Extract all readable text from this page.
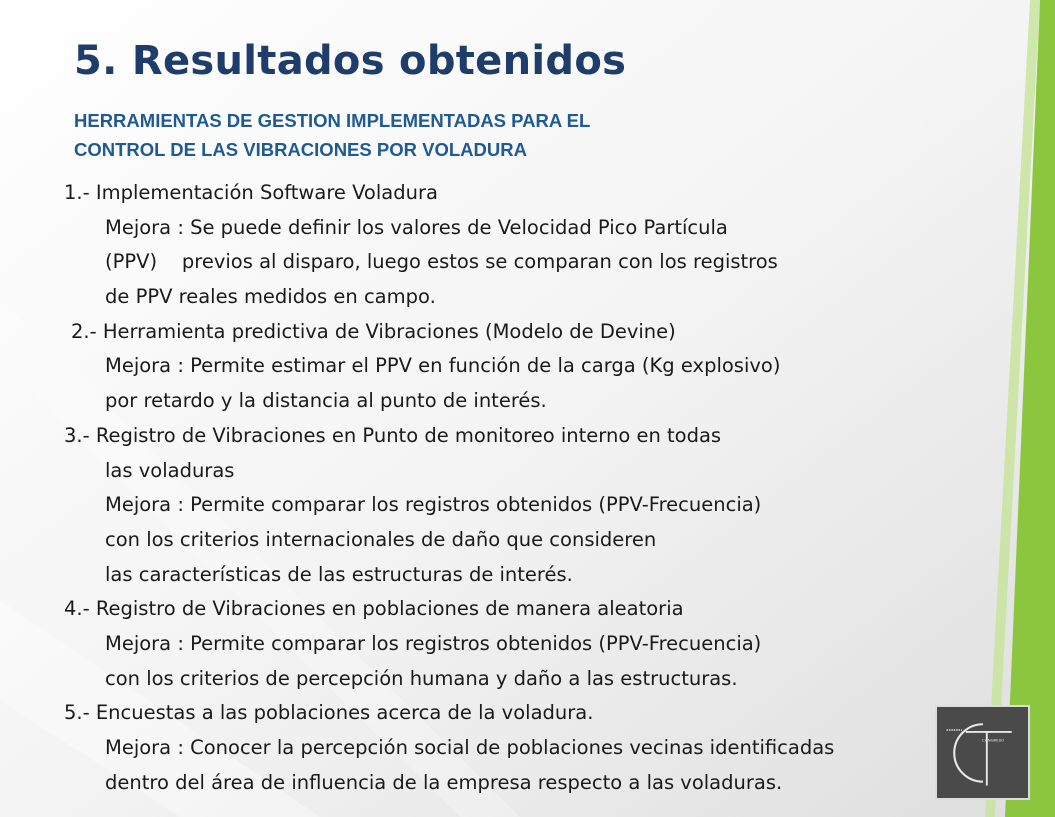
5. Resultados obtenidos
HERRAMIENTAS DE GESTION IMPLEMENTADAS PARA EL
CONTROL DE LAS VIBRACIONES POR VOLADURA
1.- Implementación Software Voladura
Mejora : Se puede definir los valores de Velocidad Pico Partícula
(PPV)    previos al disparo, luego estos se comparan con los registros
de PPV reales medidos en campo.
2.- Herramienta predictiva de Vibraciones (Modelo de Devine)
Mejora : Permite estimar el PPV en función de la carga (Kg explosivo)
por retardo y la distancia al punto de interés.
3.- Registro de Vibraciones en Punto de monitoreo interno en todas
las voladuras
Mejora : Permite comparar los registros obtenidos (PPV-Frecuencia)
con los criterios internacionales de daño que consideren
las características de las estructuras de interés.
4.- Registro de Vibraciones en poblaciones de manera aleatoria
Mejora : Permite comparar los registros obtenidos (PPV-Frecuencia)
con los criterios de percepción humana y daño a las estructuras.
5.- Encuestas a las poblaciones acerca de la voladura.
Mejora : Conocer la percepción social de poblaciones vecinas identificadas
dentro del área de influencia de la empresa respecto a las voladuras.
CONGRESO
